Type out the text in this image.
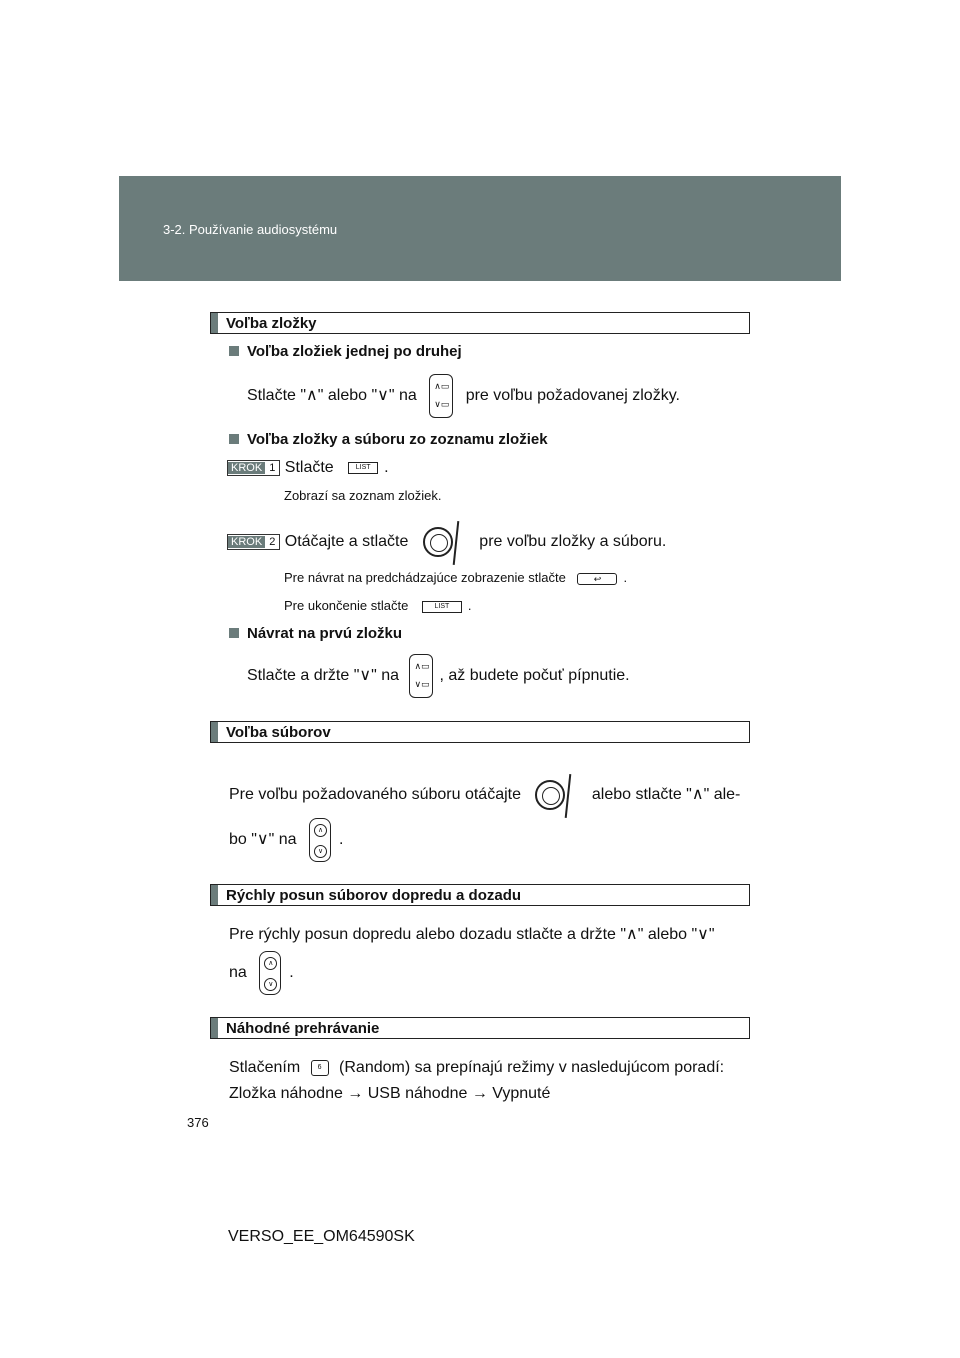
3-2. Používanie audiosystému
Voľba zložky
Voľba zložiek jednej po druhej
Stlačte "∧" alebo "∨" na
∧▭
∨▭ pre voľbu požadovanej zložky.
Voľba zložky a súboru zo zoznamu zložiek
KROK 1 Stlačte	LIST .
Zobrazí sa zoznam zložiek.
KROK 2 Otáčajte a stlačte	pre voľbu zložky a súboru.
Pre návrat na predchádzajúce zobrazenie stlačte	↩ .
Pre ukončenie stlačte	LIST .
Návrat na prvú zložku
Stlačte a držte "∨" na
∧▭
∨▭ , až budete počuť pípnutie.
Voľba súborov
Pre voľbu požadovaného súboru otáčajte	alebo stlačte "∧" ale-
bo "∨" na
∧
∨
.
Rýchly posun súborov dopredu a dozadu
Pre rýchly posun dopredu alebo dozadu stlačte a držte "∧" alebo "∨"
na
∧
∨
.
Náhodné prehrávanie
Stlačením	6 (Random) sa prepínajú režimy v nasledujúcom poradí:
Zložka náhodne → USB náhodne → Vypnuté
376
VERSO_EE_OM64590SK
